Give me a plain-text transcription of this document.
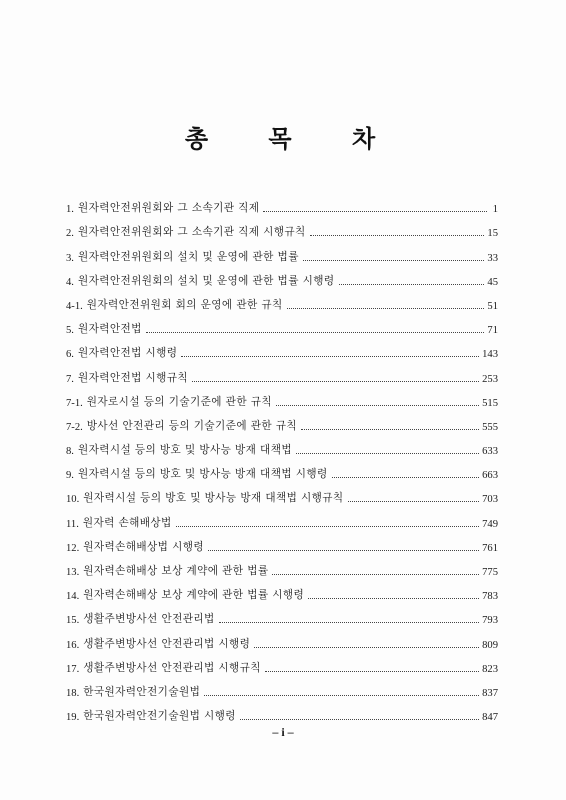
총 목 차
1. 원자력안전위원회와 그 소속기관 직제	1
2. 원자력안전위원회와 그 소속기관 직제 시행규칙	15
3. 원자력안전위원회의 설치 및 운영에 관한 법률	33
4. 원자력안전위원회의 설치 및 운영에 관한 법률 시행령	45
4-1. 원자력안전위원회 회의 운영에 관한 규칙	51
5. 원자력안전법	71
6. 원자력안전법 시행령	143
7. 원자력안전법 시행규칙	253
7-1. 원자로시설 등의 기술기준에 관한 규칙	515
7-2. 방사선 안전관리 등의 기술기준에 관한 규칙	555
8. 원자력시설 등의 방호 및 방사능 방재 대책법	633
9. 원자력시설 등의 방호 및 방사능 방재 대책법 시행령	663
10. 원자력시설 등의 방호 및 방사능 방재 대책법 시행규칙	703
11. 원자력 손해배상법	749
12. 원자력손해배상법 시행령	761
13. 원자력손해배상 보상 계약에 관한 법률	775
14. 원자력손해배상 보상 계약에 관한 법률 시행령	783
15. 생활주변방사선 안전관리법	793
16. 생활주변방사선 안전관리법 시행령	809
17. 생활주변방사선 안전관리법 시행규칙	823
18. 한국원자력안전기술원법	837
19. 한국원자력안전기술원법 시행령	847
– i –
